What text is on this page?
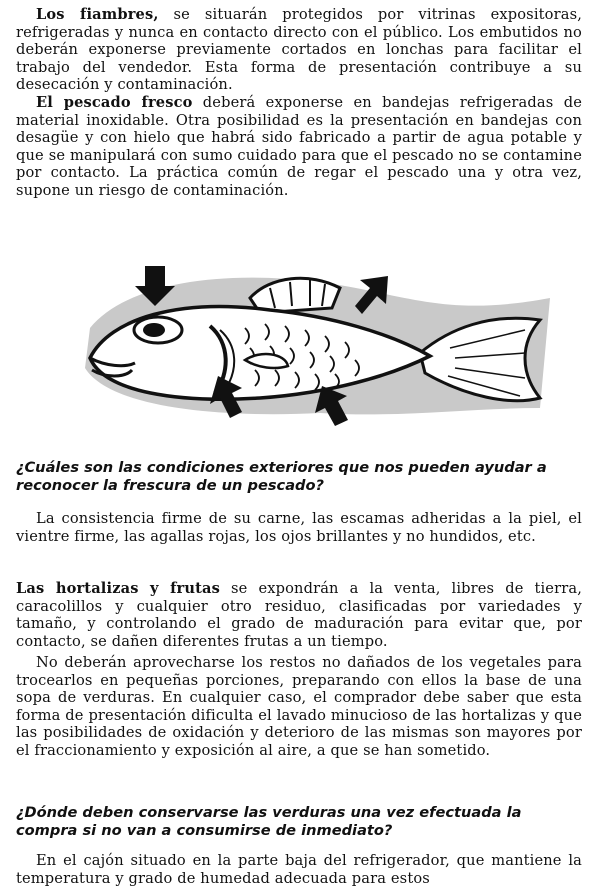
Los fiambres, se situarán protegidos por vitrinas expositoras, refrigeradas y nunca en contacto directo con el público. Los embutidos no deberán exponerse previamente cortados en lonchas para facilitar el trabajo del vendedor. Esta forma de presentación contribuye a su desecación y contaminación.

El pescado fresco deberá exponerse en bandejas refrigeradas de material inoxidable. Otra posibilidad es la presentación en bandejas con desagüe y con hielo que habrá sido fabricado a partir de agua potable y que se manipulará con sumo cuidado para que el pescado no se contamine por contacto. La práctica común de regar el pescado una y otra vez, supone un riesgo de contaminación.

¿Cuáles son las condiciones exteriores que nos pueden ayudar a reconocer la frescura de un pescado?

La consistencia firme de su carne, las escamas adheridas a la piel, el vientre firme, las agallas rojas, los ojos brillantes y no hundidos, etc.

Las hortalizas y frutas se expondrán a la venta, libres de tierra, caracolillos y cualquier otro residuo, clasificadas por variedades y tamaño, y controlando el grado de maduración para evitar que, por contacto, se dañen diferentes frutas a un tiempo.

No deberán aprovecharse los restos no dañados de los vegetales para trocearlos en pequeñas porciones, preparando con ellos la base de una sopa de verduras. En cualquier caso, el comprador debe saber que esta forma de presentación dificulta el lavado minucioso de las hortalizas y que las posibilidades de oxidación y deterioro de las mismas son mayores por el fraccionamiento y exposición al aire, a que se han sometido.

¿Dónde deben conservarse las verduras una vez efectuada la compra si no van a consumirse de inmediato?

En el cajón situado en la parte baja del refrigerador, que mantiene la temperatura y grado de humedad adecuada para estos
